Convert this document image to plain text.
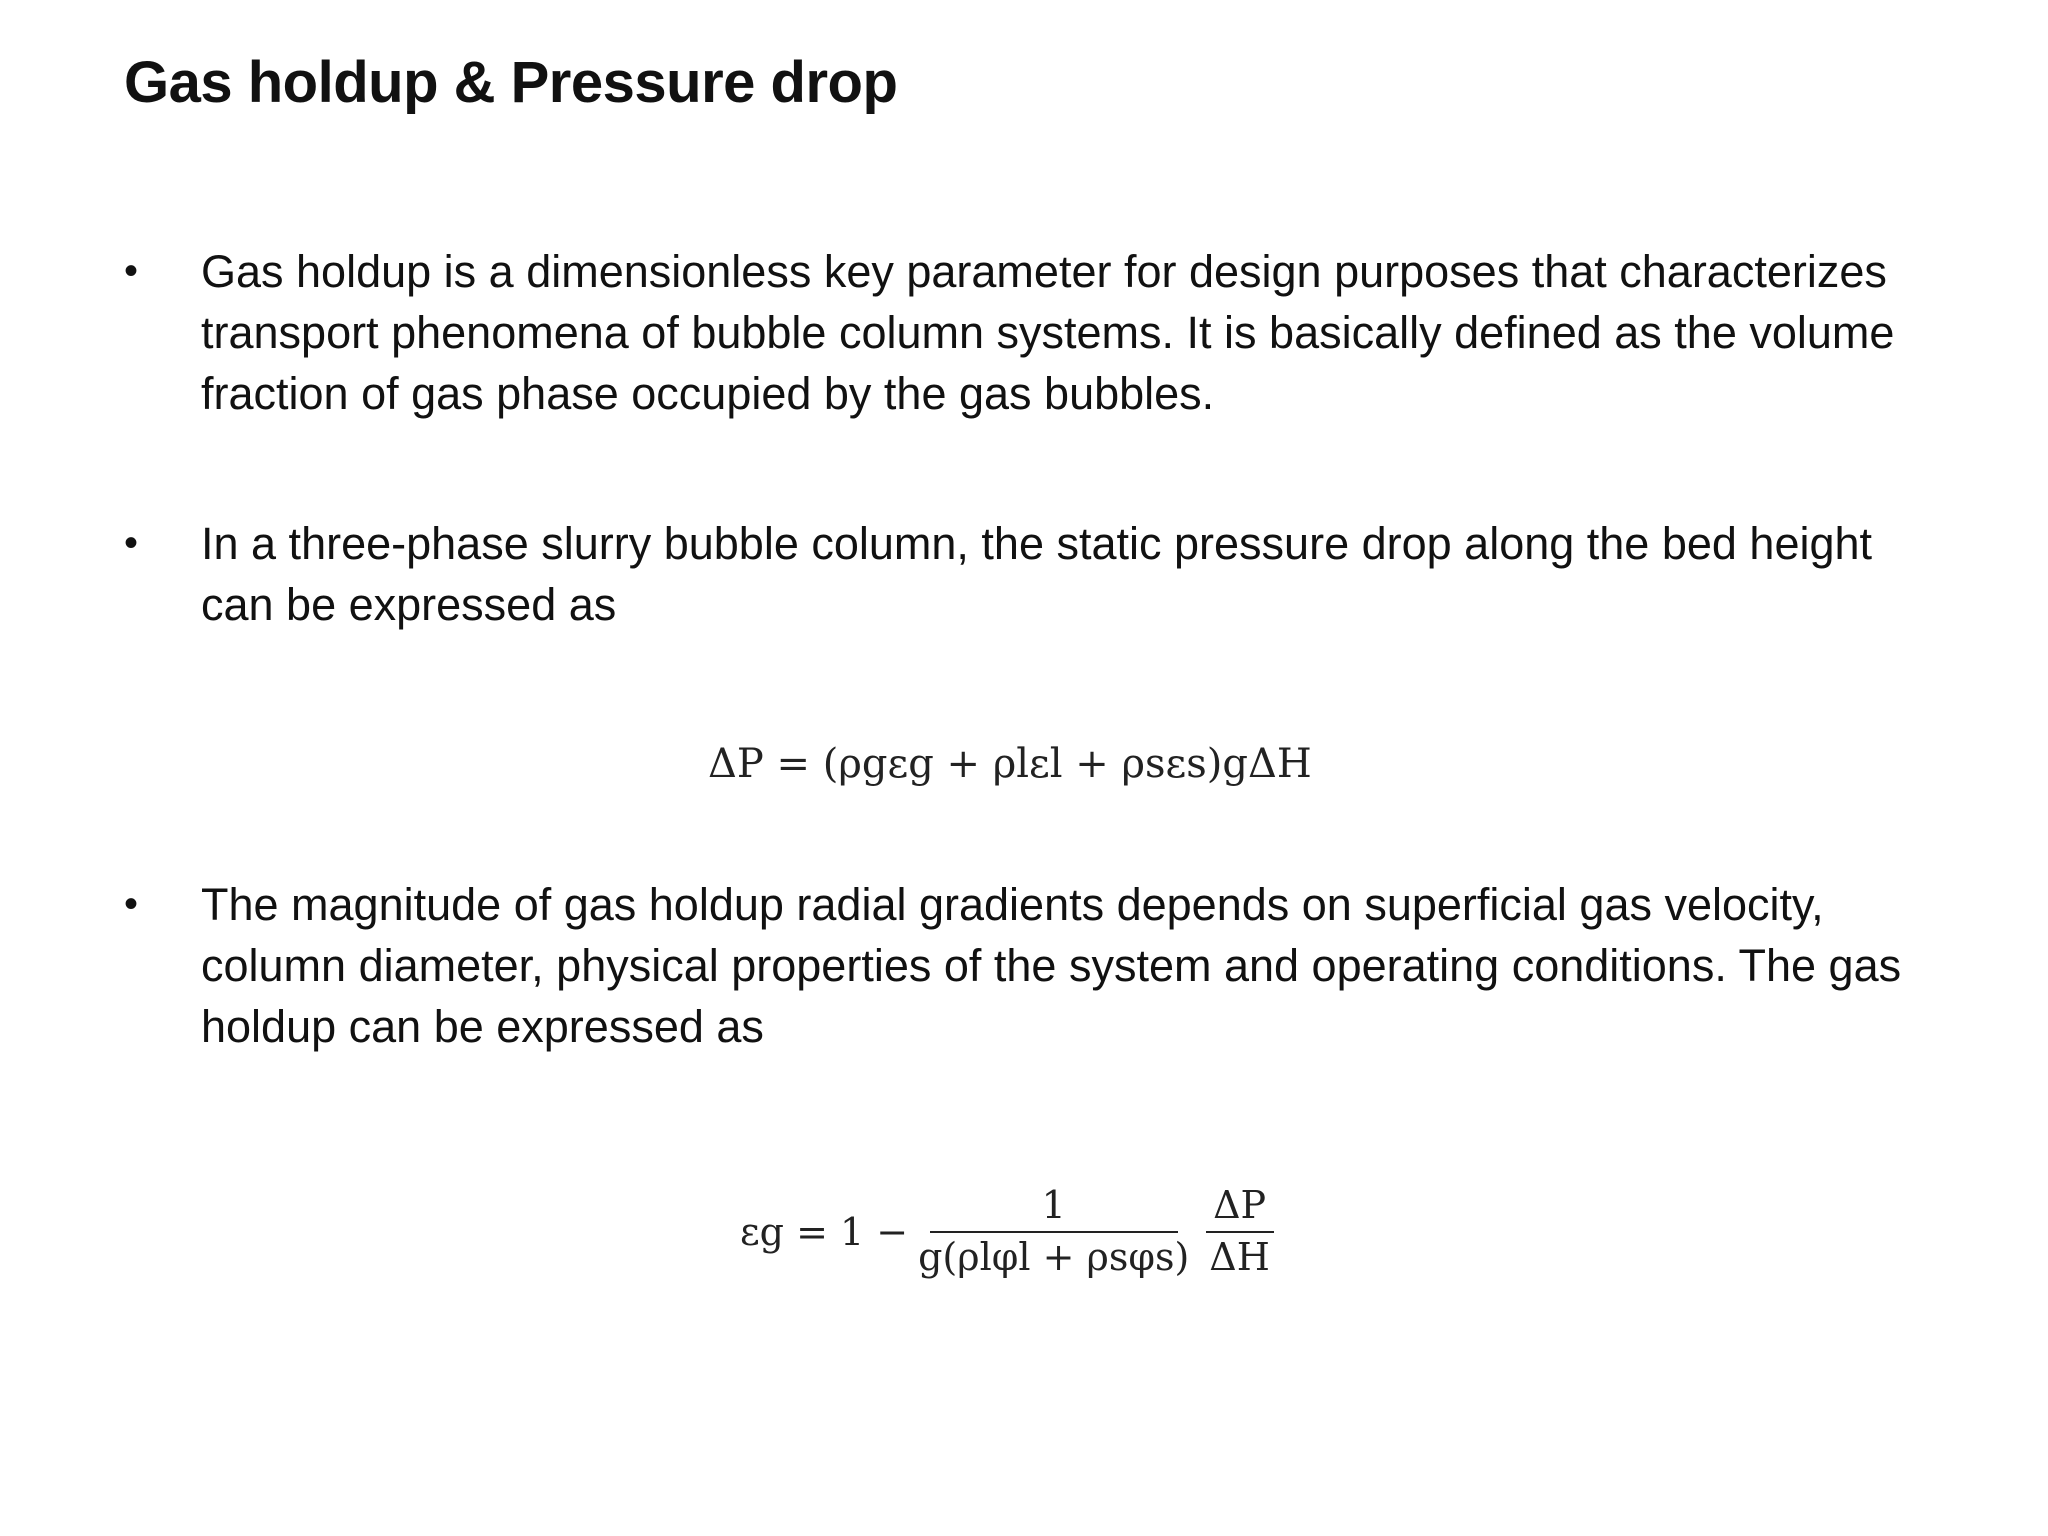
Gas holdup & Pressure drop
•	Gas holdup is a dimensionless key parameter for design purposes that characterizes transport phenomena of bubble column systems. It is basically defined as the volume fraction of gas phase occupied by the gas bubbles.
•	In a three-phase slurry bubble column, the static pressure drop along the bed height can be expressed as
ΔP = (ρgεg + ρlεl + ρsεs)gΔH
•	The magnitude of gas holdup radial gradients depends on superficial gas velocity, column diameter, physical properties of the system and operating conditions. The gas holdup can be expressed as
$\varepsilon g = 1 - \frac{1}{\text{g(ρlφl + ρsφs)}} \frac{\Delta P}{\Delta H}$
